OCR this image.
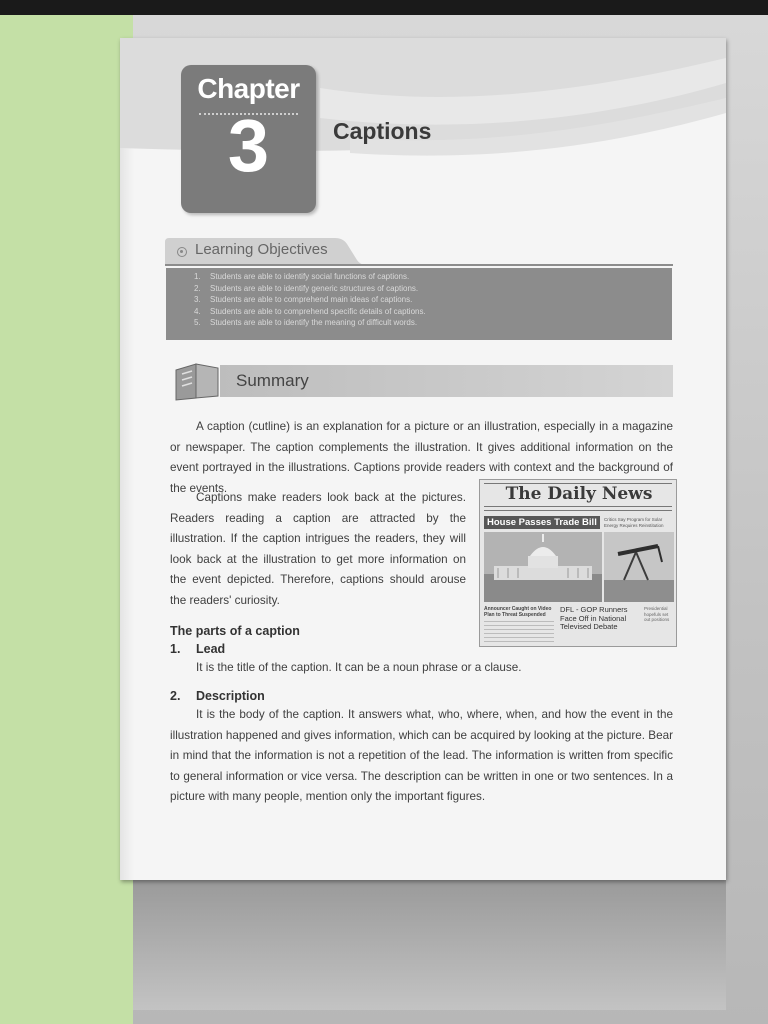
Chapter
3	Captions
Learning Objectives
1. Students are able to identify social functions of captions.
2. Students are able to identify generic structures of captions.
3. Students are able to comprehend main ideas of captions.
4. Students are able to comprehend specific details of captions.
5. Students are able to identify the meaning of difficult words.
Summary
A caption (cutline) is an explanation for a picture or an illustration, especially in a magazine or newspaper. The caption complements the illustration. It gives additional information on the event portrayed in the illustrations. Captions provide readers with context and the background of the events.
Captions make readers look back at the pictures. Readers reading a caption are attracted by the illustration. If the caption intrigues the readers, they will look back at the illustration to get more information on the event depicted. Therefore, captions should arouse the readers' curiosity.
The Daily News
House Passes Trade Bill	Critics Say Program for Solar Energy Requires Reinstitution
Announcer Caught on Video Plan to Threat Suspended
DFL - GOP Runners Face Off in National Televised Debate
Presidential hopefuls set out positions
The parts of a caption
1. Lead
It is the title of the caption. It can be a noun phrase or a clause.
2. Description
It is the body of the caption. It answers what, who, where, when, and how the event in the illustration happened and gives information, which can be acquired by looking at the picture. Bear in mind that the information is not a repetition of the lead. The information is written from specific to general information or vice versa. The description can be written in one or two sentences. In a picture with many people, mention only the important figures.
